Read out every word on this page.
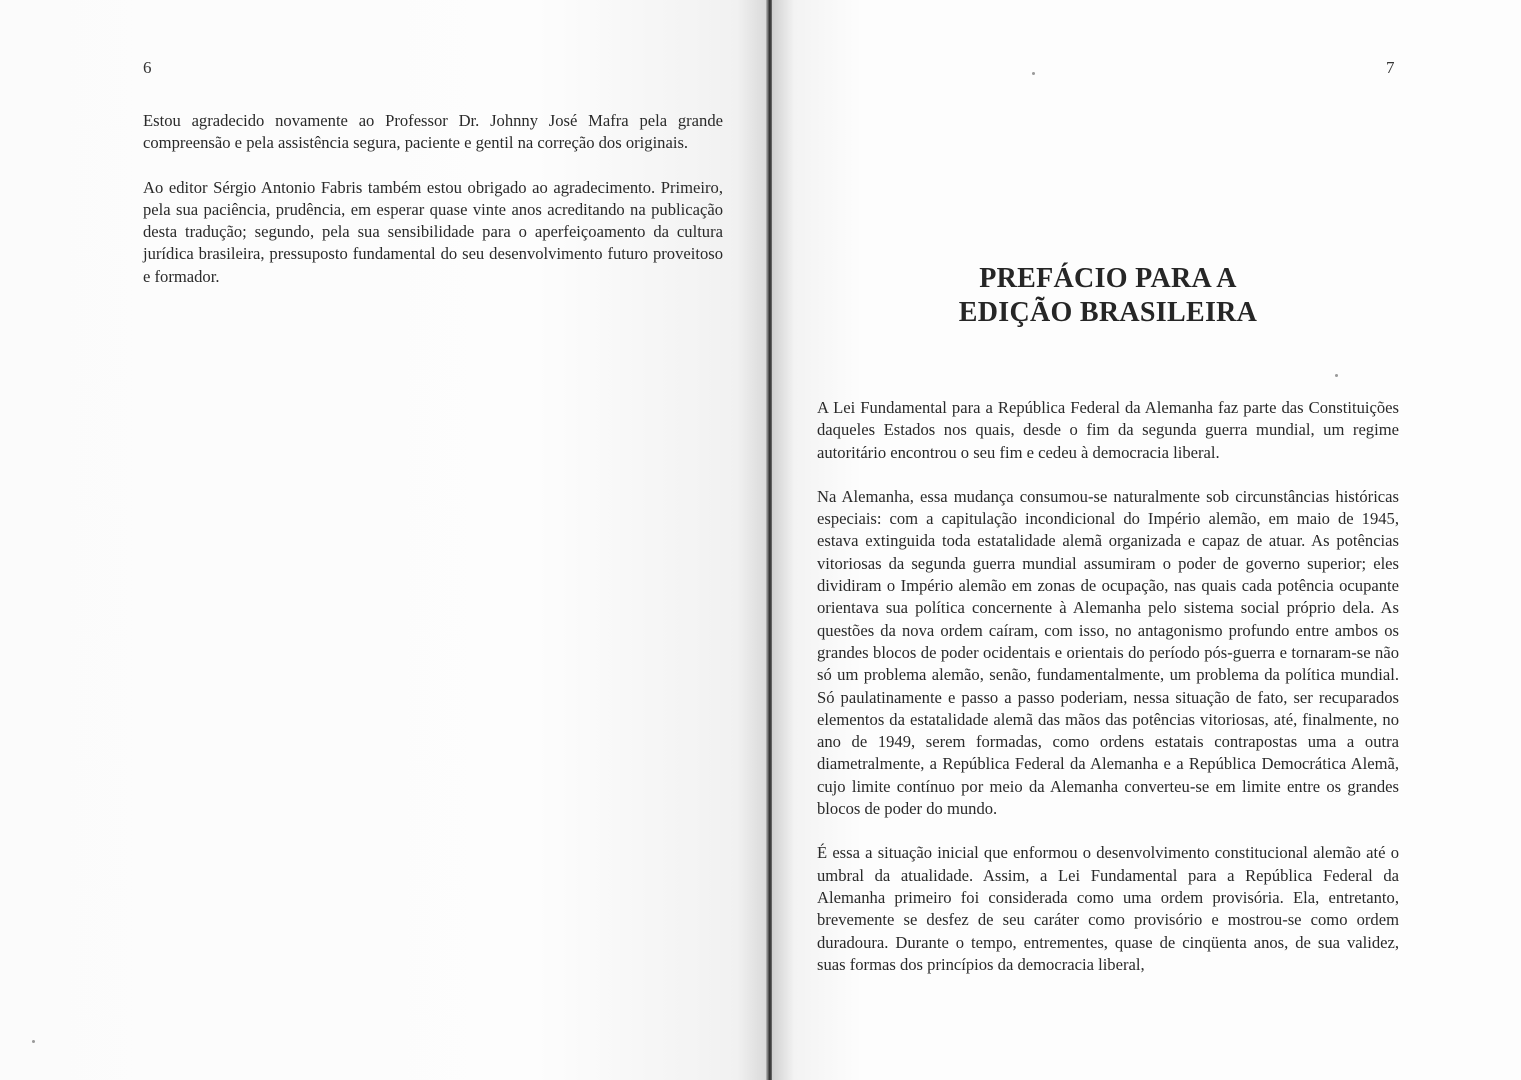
6

Estou agradecido novamente ao Professor Dr. Johnny José Mafra pela grande compreensão e pela assistência segura, paciente e gentil na correção dos originais.

Ao editor Sérgio Antonio Fabris também estou obrigado ao agradecimento. Primeiro, pela sua paciência, prudência, em esperar quase vinte anos acreditando na publicação desta tradução; segundo, pela sua sensibilidade para o aperfeiçoamento da cultura jurídica brasileira, pressuposto fundamental do seu desenvolvimento futuro proveitoso e formador.

7
PREFÁCIO PARA A
EDIÇÃO BRASILEIRA

A Lei Fundamental para a República Federal da Alemanha faz parte das Constituições daqueles Estados nos quais, desde o fim da segunda guerra mundial, um regime autoritário encontrou o seu fim e cedeu à democracia liberal.

Na Alemanha, essa mudança consumou-se naturalmente sob circunstâncias históricas especiais: com a capitulação incondicional do Império alemão, em maio de 1945, estava extinguida toda estatalidade alemã organizada e capaz de atuar. As potências vitoriosas da segunda guerra mundial assumiram o poder de governo superior; eles dividiram o Império alemão em zonas de ocupação, nas quais cada potência ocupante orientava sua política concernente à Alemanha pelo sistema social próprio dela. As questões da nova ordem caíram, com isso, no antagonismo profundo entre ambos os grandes blocos de poder ocidentais e orientais do período pós-guerra e tornaram-se não só um problema alemão, senão, fundamentalmente, um problema da política mundial. Só paulatinamente e passo a passo poderiam, nessa situação de fato, ser recuparados elementos da estatalidade alemã das mãos das potências vitoriosas, até, finalmente, no ano de 1949, serem formadas, como ordens estatais contrapostas uma a outra diametralmente, a República Federal da Alemanha e a República Democrática Alemã, cujo limite contínuo por meio da Alemanha converteu-se em limite entre os grandes blocos de poder do mundo.

É essa a situação inicial que enformou o desenvolvimento constitucional alemão até o umbral da atualidade. Assim, a Lei Fundamental para a República Federal da Alemanha primeiro foi considerada como uma ordem provisória. Ela, entretanto, brevemente se desfez de seu caráter como provisório e mostrou-se como ordem duradoura. Durante o tempo, entrementes, quase de cinqüenta anos, de sua validez, suas formas dos princípios da democracia liberal,
